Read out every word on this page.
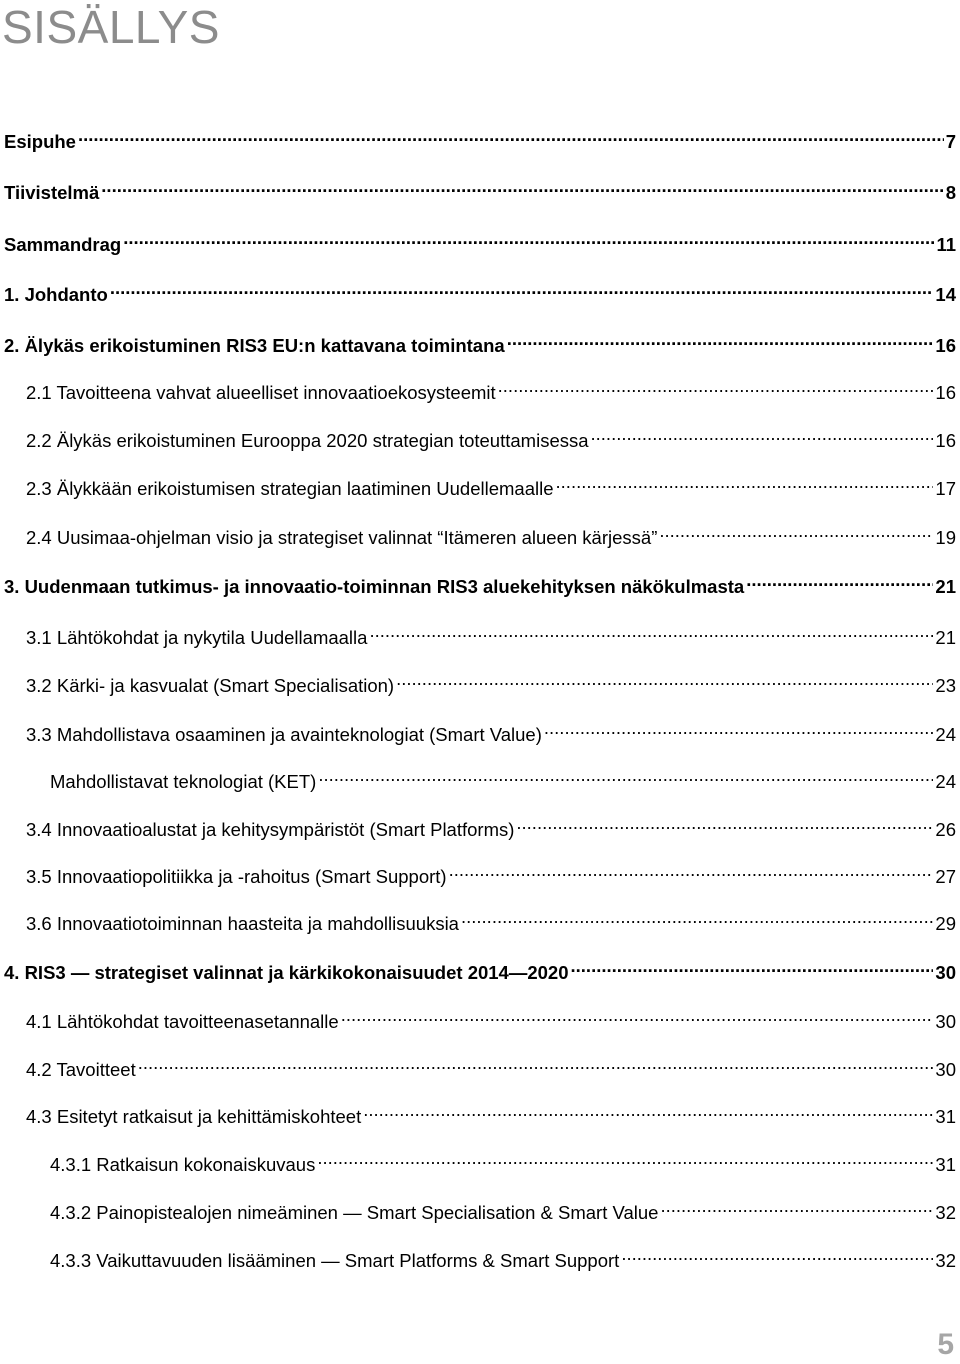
SISÄLLYS
Esipuhe .....	7
Tiivistelmä .....	8
Sammandrag .....	11
1. Johdanto .....	14
2. Älykäs erikoistuminen RIS3 EU:n kattavana toimintana .....	16
2.1 Tavoitteena vahvat alueelliset innovaatioekosysteemit .....	16
2.2 Älykäs erikoistuminen Eurooppa 2020 strategian toteuttamisessa .....	16
2.3 Älykkään erikoistumisen strategian laatiminen Uudellemaalle .....	17
2.4 Uusimaa-ohjelman visio ja strategiset valinnat “Itämeren alueen kärjessä” .....	19
3. Uudenmaan tutkimus- ja innovaatio-toiminnan RIS3 aluekehityksen näkökulmasta .....	21
3.1 Lähtökohdat ja nykytila Uudellamaalla .....	21
3.2 Kärki- ja kasvualat (Smart Specialisation) .....	23
3.3 Mahdollistava osaaminen ja avainteknologiat (Smart Value) .....	24
Mahdollistavat teknologiat (KET) .....	24
3.4 Innovaatioalustat ja kehitysympäristöt (Smart Platforms) .....	26
3.5 Innovaatiopolitiikka ja -rahoitus (Smart Support) .....	27
3.6 Innovaatiotoiminnan haasteita ja mahdollisuuksia .....	29
4. RIS3 — strategiset valinnat ja kärkikokonaisuudet 2014—2020 .....	30
4.1 Lähtökohdat tavoitteenasetannalle .....	30
4.2 Tavoitteet .....	30
4.3 Esitetyt ratkaisut ja kehittämiskohteet .....	31
4.3.1 Ratkaisun kokonaiskuvaus .....	31
4.3.2 Painopistealojen nimeäminen — Smart Specialisation & Smart Value .....	32
4.3.3 Vaikuttavuuden lisääminen — Smart Platforms & Smart Support .....	32
5
